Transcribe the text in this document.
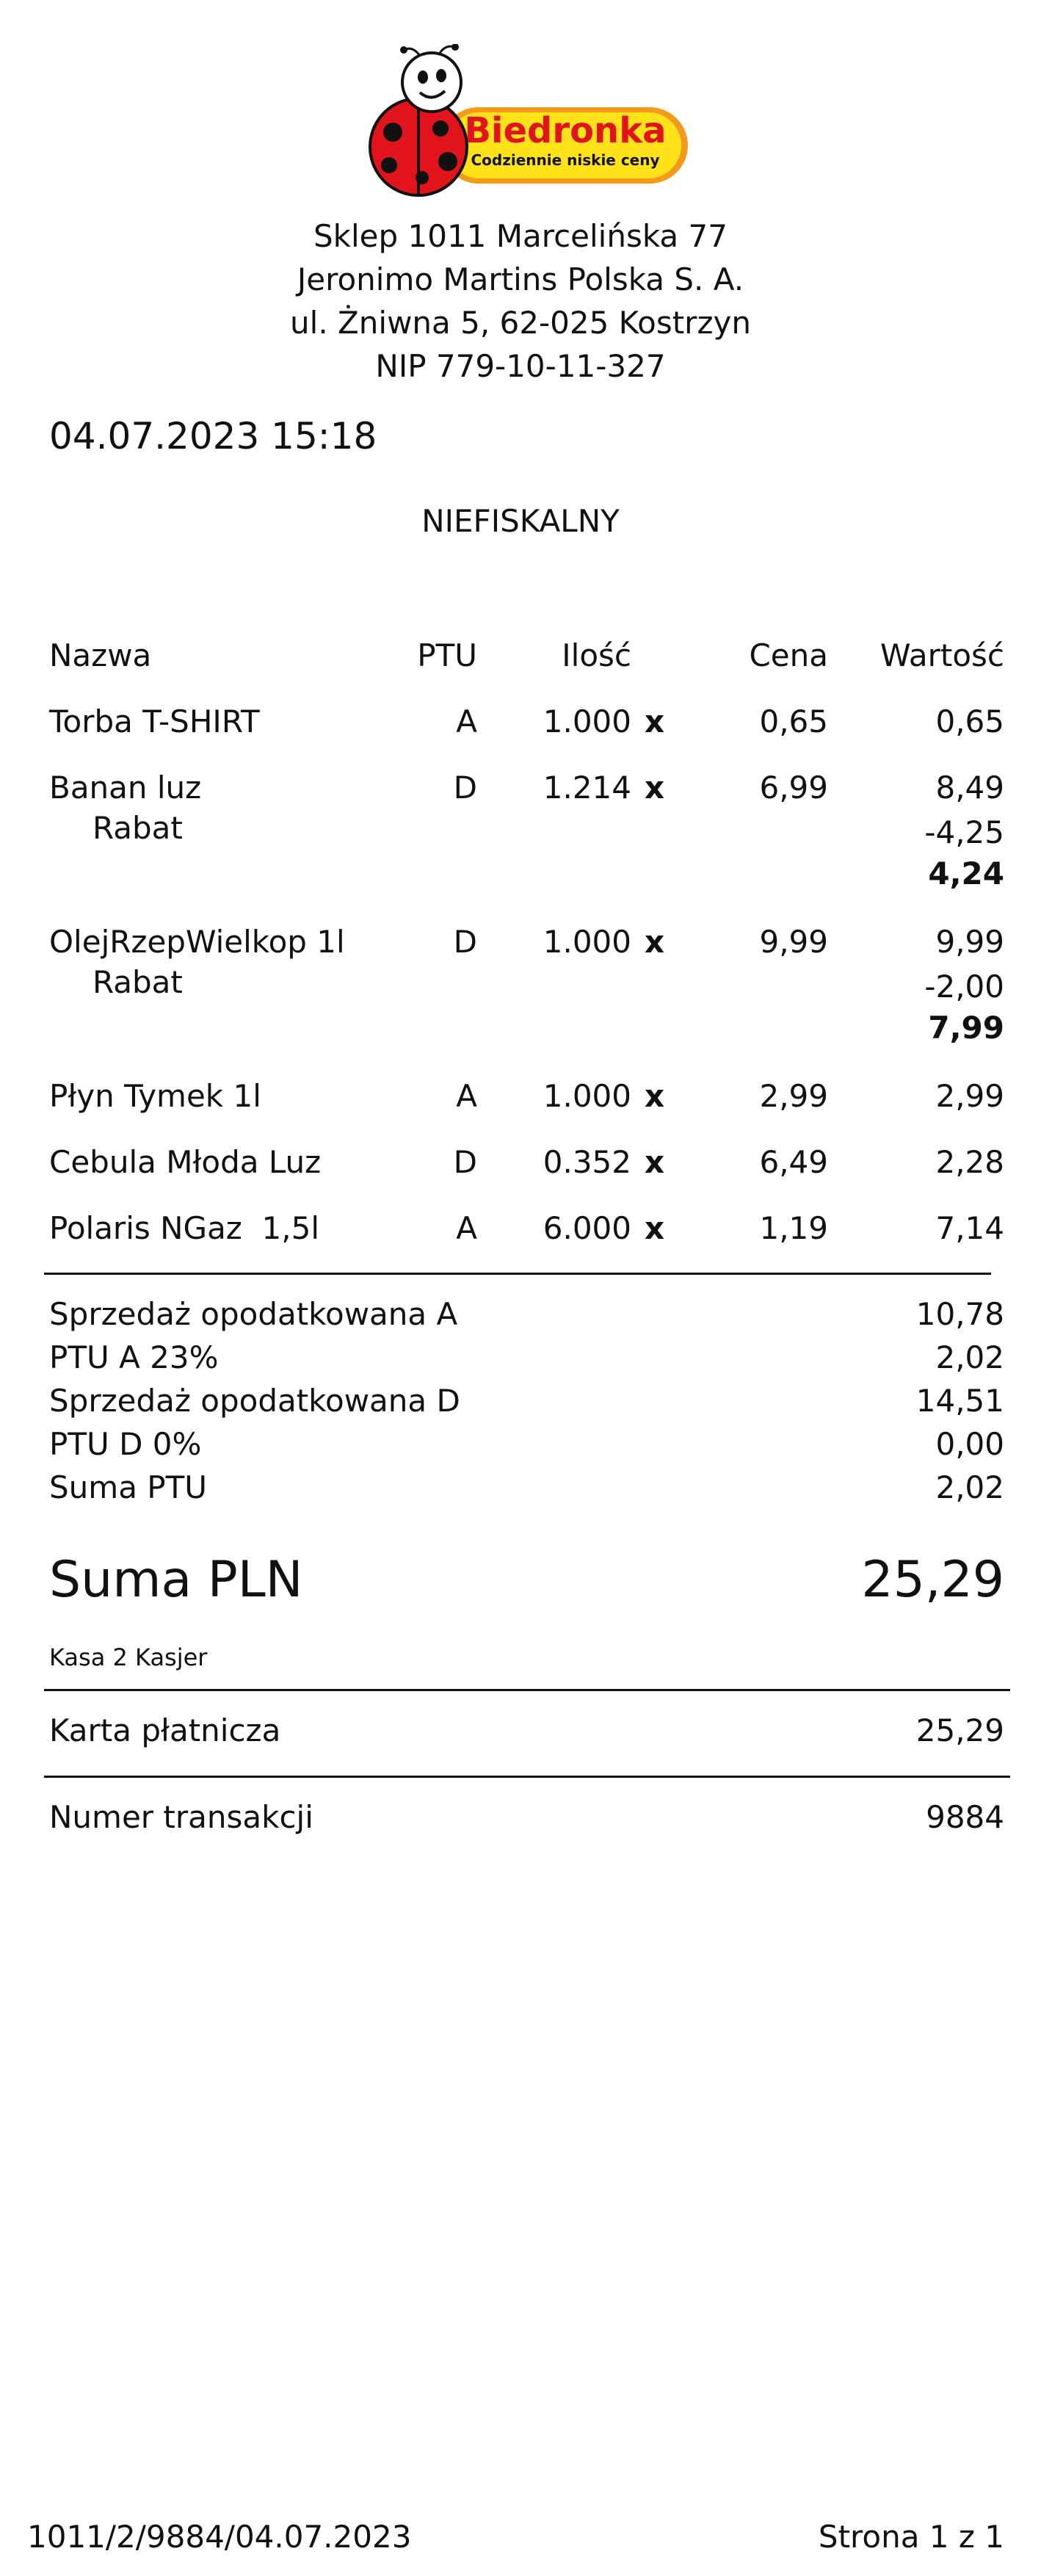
Biedronka
Codziennie niskie ceny
Sklep 1011 Marcelińska 77
Jeronimo Martins Polska S. A.
ul. Żniwna 5, 62-025 Kostrzyn
NIP 779-10-11-327
04.07.2023 15:18
NIEFISKALNY
Nazwa	PTU	Ilość	Cena	Wartość
Torba T-SHIRT	A	1.000 x	0,65	0,65
Banan luz	D	1.214 x	6,99	8,49
Rabat	-4,25
4,24
OlejRzepWielkop 1l	D	1.000 x	9,99	9,99
Rabat	-2,00
7,99
Płyn Tymek 1l	A	1.000 x	2,99	2,99
Cebula Młoda Luz	D	0.352 x	6,49	2,28
Polaris NGaz  1,5l	A	6.000 x	1,19	7,14
Sprzedaż opodatkowana A	10,78
PTU A 23%	2,02
Sprzedaż opodatkowana D	14,51
PTU D 0%	0,00
Suma PTU	2,02
Suma PLN	25,29
Kasa 2 Kasjer
Karta płatnicza	25,29
Numer transakcji	9884
1011/2/9884/04.07.2023	Strona 1 z 1
